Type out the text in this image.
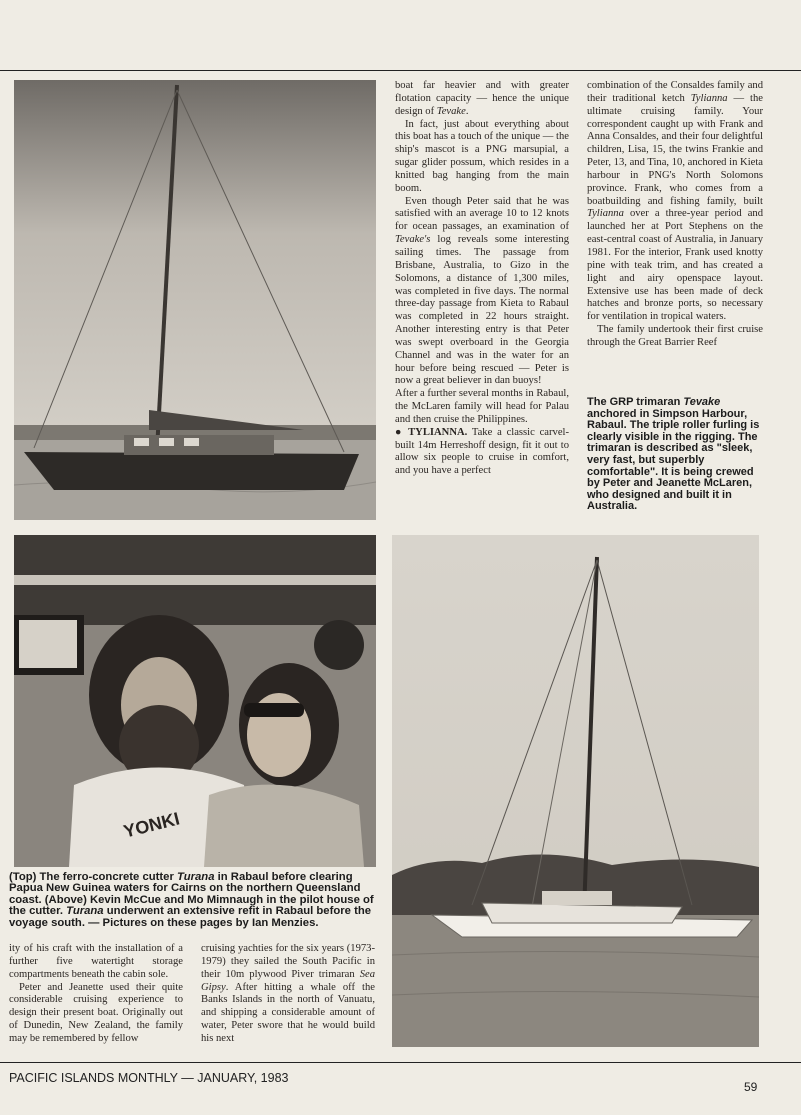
boat far heavier and with greater flotation capacity — hence the unique design of Tevake.

In fact, just about everything about this boat has a touch of the unique — the ship's mascot is a PNG marsupial, a sugar glider possum, which resides in a knitted bag hanging from the main boom.

Even though Peter said that he was satisfied with an average 10 to 12 knots for ocean passages, an examination of Tevake's log reveals some interesting sailing times. The passage from Brisbane, Australia, to Gizo in the Solomons, a distance of 1,300 miles, was completed in five days. The normal three-day passage from Kieta to Rabaul was completed in 22 hours straight. Another interesting entry is that Peter was swept overboard in the Georgia Channel and was in the water for an hour before being rescued — Peter is now a great believer in dan buoys!

After a further several months in Rabaul, the McLaren family will head for Palau and then cruise the Philippines.

● TYLIANNA. Take a classic carvel-built 14m Herreshoff design, fit it out to allow six people to cruise in comfort, and you have a perfect

combination of the Consaldes family and their traditional ketch Tylianna — the ultimate cruising family. Your correspondent caught up with Frank and Anna Consaldes, and their four delightful children, Lisa, 15, the twins Frankie and Peter, 13, and Tina, 10, anchored in Kieta harbour in PNG's North Solomons province. Frank, who comes from a boatbuilding and fishing family, built Tylianna over a three-year period and launched her at Port Stephens on the east-central coast of Australia, in January 1981. For the interior, Frank used knotty pine with teak trim, and has created a light and airy openspace layout. Extensive use has been made of deck hatches and bronze ports, so necessary for ventilation in tropical waters.

The family undertook their first cruise through the Great Barrier Reef

The GRP trimaran Tevake anchored in Simpson Harbour, Rabaul. The triple roller furling is clearly visible in the rigging. The trimaran is described as "sleek, very fast, but superbly comfortable". It is being crewed by Peter and Jeanette McLaren, who designed and built it in Australia.
YONKI
(Top) The ferro-concrete cutter Turana in Rabaul before clearing Papua New Guinea waters for Cairns on the northern Queensland coast. (Above) Kevin McCue and Mo Mimnaugh in the pilot house of the cutter. Turana underwent an extensive refit in Rabaul before the voyage south. — Pictures on these pages by Ian Menzies.

ity of his craft with the installation of a further five watertight storage compartments beneath the cabin sole.

Peter and Jeanette used their quite considerable cruising experience to design their present boat. Originally out of Dunedin, New Zealand, the family may be remembered by fellow

cruising yachties for the six years (1973-1979) they sailed the South Pacific in their 10m plywood Piver trimaran Sea Gipsy. After hitting a whale off the Banks Islands in the north of Vanuatu, and shipping a considerable amount of water, Peter swore that he would build his next

PACIFIC ISLANDS MONTHLY — JANUARY, 1983
59
